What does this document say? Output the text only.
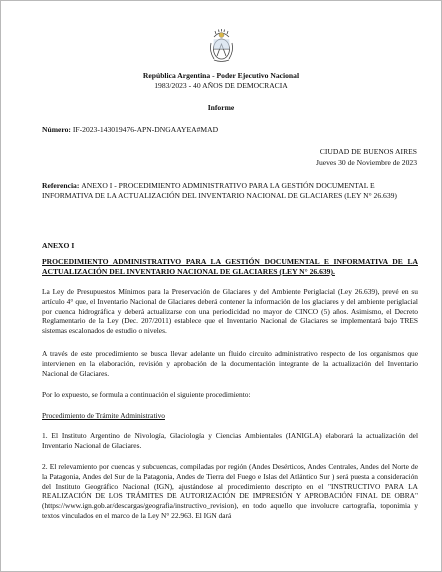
República Argentina - Poder Ejecutivo Nacional
1983/2023 - 40 AÑOS DE DEMOCRACIA
Informe
Número: IF-2023-143019476-APN-DNGAAYEA#MAD
CIUDAD DE BUENOS AIRES
Jueves 30 de Noviembre de 2023
Referencia: ANEXO I - PROCEDIMIENTO ADMINISTRATIVO PARA LA GESTIÓN DOCUMENTAL E INFORMATIVA DE LA ACTUALIZACIÓN DEL INVENTARIO NACIONAL DE GLACIARES (LEY N° 26.639)
ANEXO I
PROCEDIMIENTO ADMINISTRATIVO PARA LA GESTIÓN DOCUMENTAL E INFORMATIVA DE LA ACTUALIZACIÓN DEL INVENTARIO NACIONAL DE GLACIARES (LEY N° 26.639).
La Ley de Presupuestos Mínimos para la Preservación de Glaciares y del Ambiente Periglacial (Ley 26.639), prevé en su artículo 4° que, el Inventario Nacional de Glaciares deberá contener la información de los glaciares y del ambiente periglacial por cuenca hidrográfica y deberá actualizarse con una periodicidad no mayor de CINCO (5) años. Asimismo, el Decreto Reglamentario de la Ley (Dec. 207/2011) establece que el Inventario Nacional de Glaciares se implementará bajo TRES sistemas escalonados de estudio o niveles.
A través de este procedimiento se busca llevar adelante un fluido circuito administrativo respecto de los organismos que intervienen en la elaboración, revisión y aprobación de la documentación integrante de la actualización del Inventario Nacional de Glaciares.
Por lo expuesto, se formula a continuación el siguiente procedimiento:
Procedimiento de Trámite Administrativo
1. El Instituto Argentino de Nivología, Glaciología y Ciencias Ambientales (IANIGLA) elaborará la actualización del Inventario Nacional de Glaciares.
2. El relevamiento por cuencas y subcuencas, compiladas por región (Andes Desérticos, Andes Centrales, Andes del Norte de la Patagonia, Andes del Sur de la Patagonia, Andes de Tierra del Fuego e Islas del Atlántico Sur ) será puesta a consideración del Instituto Geográfico Nacional (IGN), ajustándose al procedimiento descripto en el "INSTRUCTIVO PARA LA REALIZACIÓN DE LOS TRÁMITES DE AUTORIZACIÓN DE IMPRESIÓN Y APROBACIÓN FINAL DE OBRA" (https://www.ign.gob.ar/descargas/geografia/instructivo_revision), en todo aquello que involucre cartografía, toponimia y textos vinculados en el marco de la Ley N° 22.963. El IGN dará
